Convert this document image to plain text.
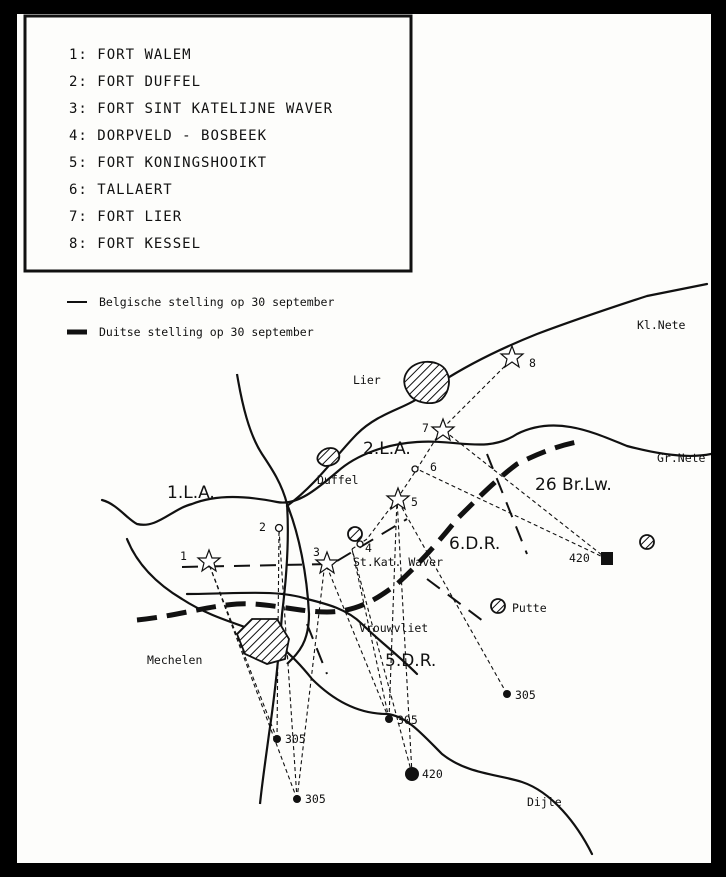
1: FORT WALEM
2: FORT DUFFEL
3: FORT SINT KATELIJNE WAVER
4: DORPVELD - BOSBEEK
5: FORT KONINGSHOOIKT
6: TALLAERT
7: FORT LIER
8: FORT KESSEL
Belgische stelling op 30 september
Duitse stelling op 30 september
1
2
3	4
5
6
7
8
305
305
305
305
420
420
Lier
Duffel
Mechelen
Putte
St.Kat. Waver
Vrouwvliet
Dijle
Kl.Nete
Gr.Nete
1.L.A.
2.L.A.
26 Br.Lw.
6.D.R.
5.D.R.
